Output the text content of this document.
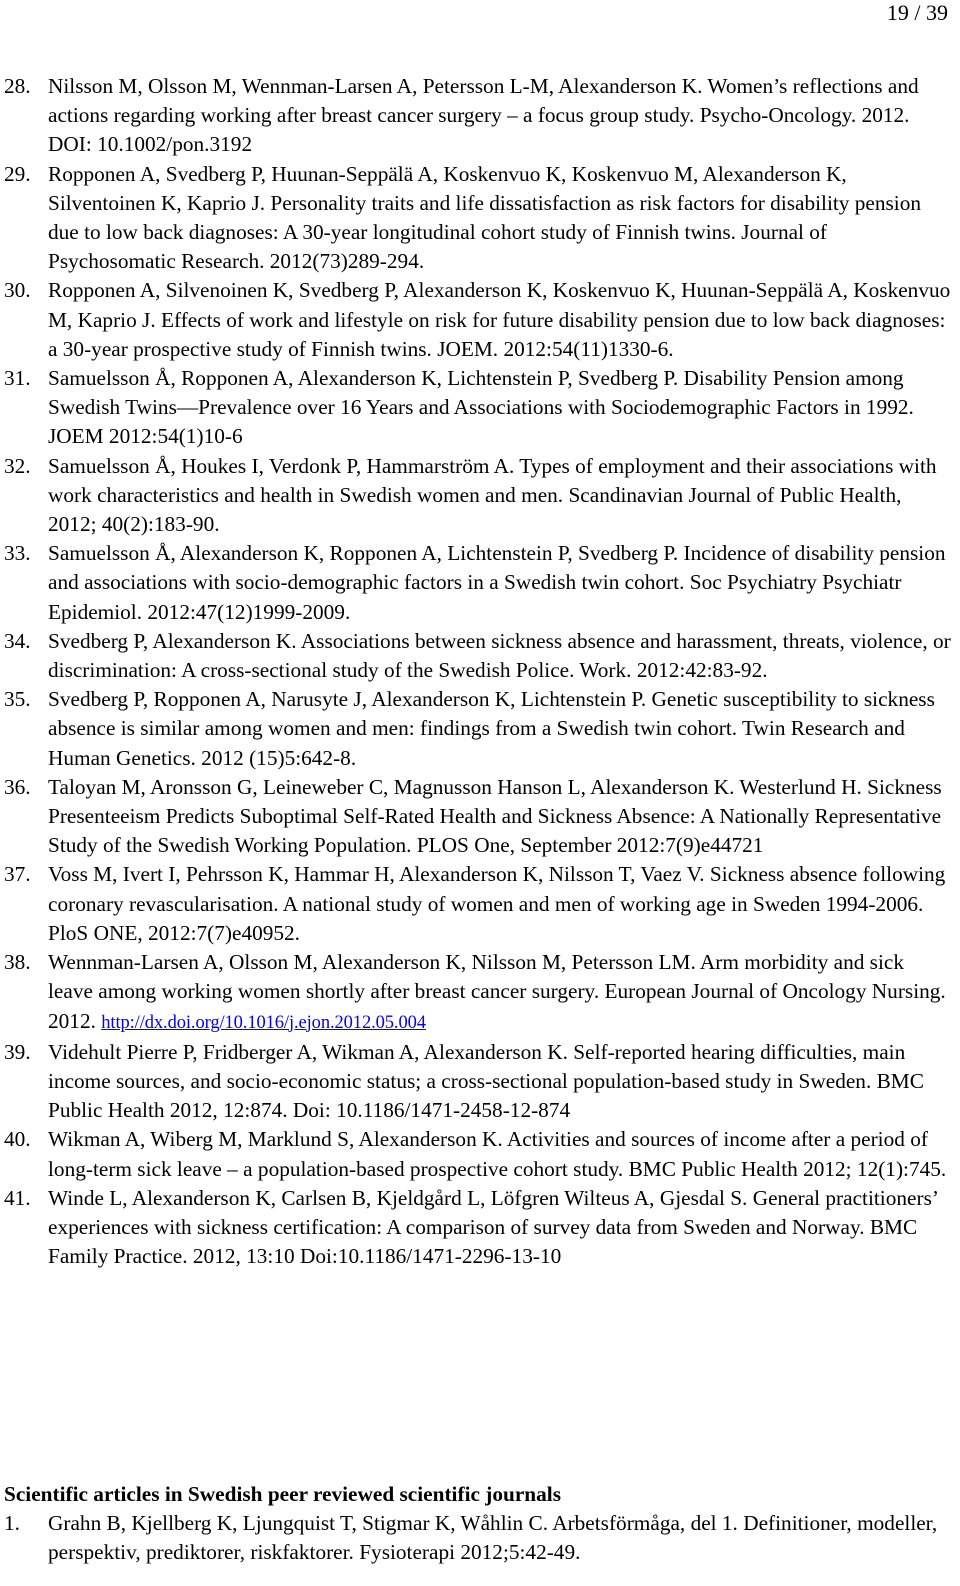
19 / 39
28. Nilsson M, Olsson M, Wennman-Larsen A, Petersson L-M, Alexanderson K. Women’s reflections and actions regarding working after breast cancer surgery – a focus group study. Psycho-Oncology. 2012. DOI: 10.1002/pon.3192
29. Ropponen A, Svedberg P, Huunan-Seppälä A, Koskenvuo K, Koskenvuo M, Alexanderson K, Silventoinen K, Kaprio J. Personality traits and life dissatisfaction as risk factors for disability pension due to low back diagnoses: A 30-year longitudinal cohort study of Finnish twins. Journal of Psychosomatic Research. 2012(73)289-294.
30. Ropponen A, Silvenoinen K, Svedberg P, Alexanderson K, Koskenvuo K, Huunan-Seppälä A, Koskenvuo M, Kaprio J. Effects of work and lifestyle on risk for future disability pension due to low back diagnoses: a 30-year prospective study of Finnish twins. JOEM. 2012:54(11)1330-6.
31. Samuelsson Å, Ropponen A, Alexanderson K, Lichtenstein P, Svedberg P. Disability Pension among Swedish Twins—Prevalence over 16 Years and Associations with Sociodemographic Factors in 1992. JOEM 2012:54(1)10-6
32. Samuelsson Å, Houkes I, Verdonk P, Hammarström A. Types of employment and their associations with work characteristics and health in Swedish women and men. Scandinavian Journal of Public Health, 2012; 40(2):183-90.
33. Samuelsson Å, Alexanderson K, Ropponen A, Lichtenstein P, Svedberg P. Incidence of disability pension and associations with socio-demographic factors in a Swedish twin cohort. Soc Psychiatry Psychiatr Epidemiol. 2012:47(12)1999-2009.
34. Svedberg P, Alexanderson K. Associations between sickness absence and harassment, threats, violence, or discrimination: A cross-sectional study of the Swedish Police. Work. 2012:42:83-92.
35. Svedberg P, Ropponen A, Narusyte J, Alexanderson K, Lichtenstein P. Genetic susceptibility to sickness absence is similar among women and men: findings from a Swedish twin cohort. Twin Research and Human Genetics. 2012 (15)5:642-8.
36. Taloyan M, Aronsson G, Leineweber C, Magnusson Hanson L, Alexanderson K. Westerlund H. Sickness Presenteeism Predicts Suboptimal Self-Rated Health and Sickness Absence: A Nationally Representative Study of the Swedish Working Population. PLOS One, September 2012:7(9)e44721
37. Voss M, Ivert I, Pehrsson K, Hammar H, Alexanderson K, Nilsson T, Vaez V. Sickness absence following coronary revascularisation. A national study of women and men of working age in Sweden 1994-2006. PloS ONE, 2012:7(7)e40952.
38. Wennman-Larsen A, Olsson M, Alexanderson K, Nilsson M, Petersson LM. Arm morbidity and sick leave among working women shortly after breast cancer surgery. European Journal of Oncology Nursing. 2012. http://dx.doi.org/10.1016/j.ejon.2012.05.004
39. Videhult Pierre P, Fridberger A, Wikman A, Alexanderson K. Self-reported hearing difficulties, main income sources, and socio-economic status; a cross-sectional population-based study in Sweden. BMC Public Health 2012, 12:874. Doi: 10.1186/1471-2458-12-874
40. Wikman A, Wiberg M, Marklund S, Alexanderson K. Activities and sources of income after a period of long-term sick leave – a population-based prospective cohort study. BMC Public Health 2012; 12(1):745.
41. Winde L, Alexanderson K, Carlsen B, Kjeldgård L, Löfgren Wilteus A, Gjesdal S. General practitioners’ experiences with sickness certification: A comparison of survey data from Sweden and Norway. BMC Family Practice. 2012, 13:10 Doi:10.1186/1471-2296-13-10
Scientific articles in Swedish peer reviewed scientific journals
1.	Grahn B, Kjellberg K, Ljungquist T, Stigmar K, Wåhlin C. Arbetsförmåga, del 1. Definitioner, modeller, perspektiv, prediktorer, riskfaktorer. Fysioterapi 2012;5:42-49.
